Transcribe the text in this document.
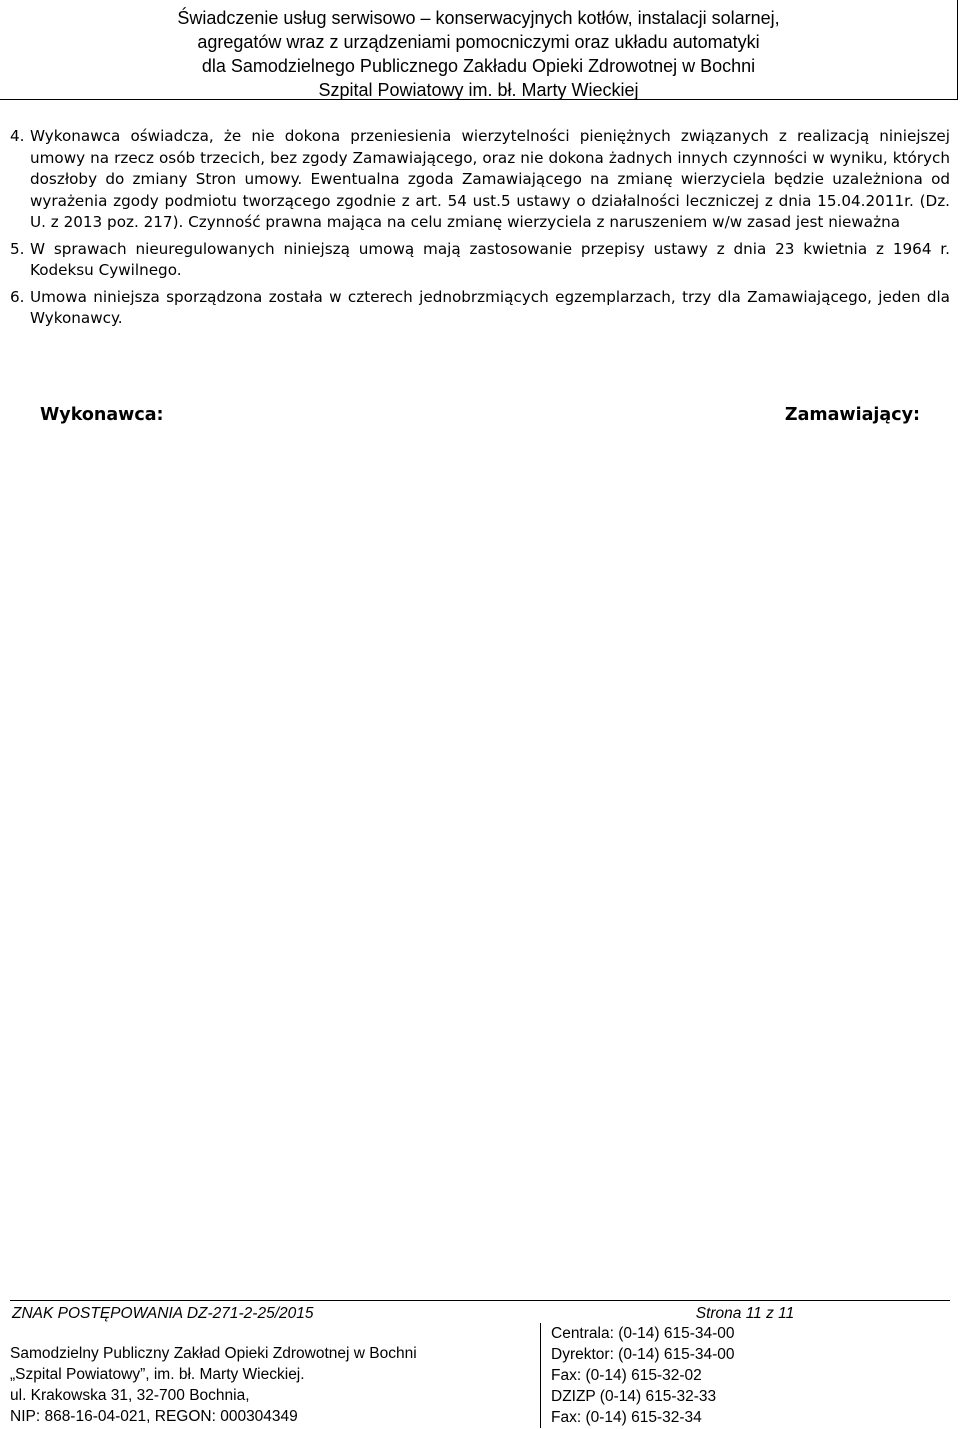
Świadczenie usług serwisowo – konserwacyjnych kotłów, instalacji solarnej,
agregatów wraz z urządzeniami pomocniczymi oraz układu automatyki
dla Samodzielnego Publicznego Zakładu Opieki Zdrowotnej w Bochni
Szpital Powiatowy im. bł. Marty Wieckiej
4. Wykonawca oświadcza, że nie dokona przeniesienia wierzytelności pieniężnych związanych z realizacją niniejszej umowy na rzecz osób trzecich, bez zgody Zamawiającego, oraz nie dokona żadnych innych czynności w wyniku, których doszłoby do zmiany Stron umowy. Ewentualna zgoda Zamawiającego na zmianę wierzyciela będzie uzależniona od wyrażenia zgody podmiotu tworzącego zgodnie z art. 54 ust.5 ustawy o działalności leczniczej z dnia 15.04.2011r. (Dz. U. z 2013 poz. 217). Czynność prawna mająca na celu zmianę wierzyciela z naruszeniem w/w zasad jest nieważna
5. W sprawach nieuregulowanych niniejszą umową mają zastosowanie przepisy ustawy z dnia 23 kwietnia z 1964 r. Kodeksu Cywilnego.
6. Umowa niniejsza sporządzona została w czterech jednobrzmiących egzemplarzach, trzy dla Zamawiającego, jeden dla Wykonawcy.
Wykonawca:	Zamawiający:
ZNAK POSTĘPOWANIA DZ-271-2-25/2015	Strona 11 z 11
Samodzielny Publiczny Zakład Opieki Zdrowotnej w Bochni
„Szpital Powiatowy”, im. bł. Marty Wieckiej.
ul. Krakowska 31, 32-700 Bochnia,
NIP: 868-16-04-021, REGON: 000304349
Centrala: (0-14) 615-34-00
Dyrektor: (0-14) 615-34-00
Fax: (0-14) 615-32-02
DZIZP (0-14) 615-32-33
Fax: (0-14) 615-32-34
